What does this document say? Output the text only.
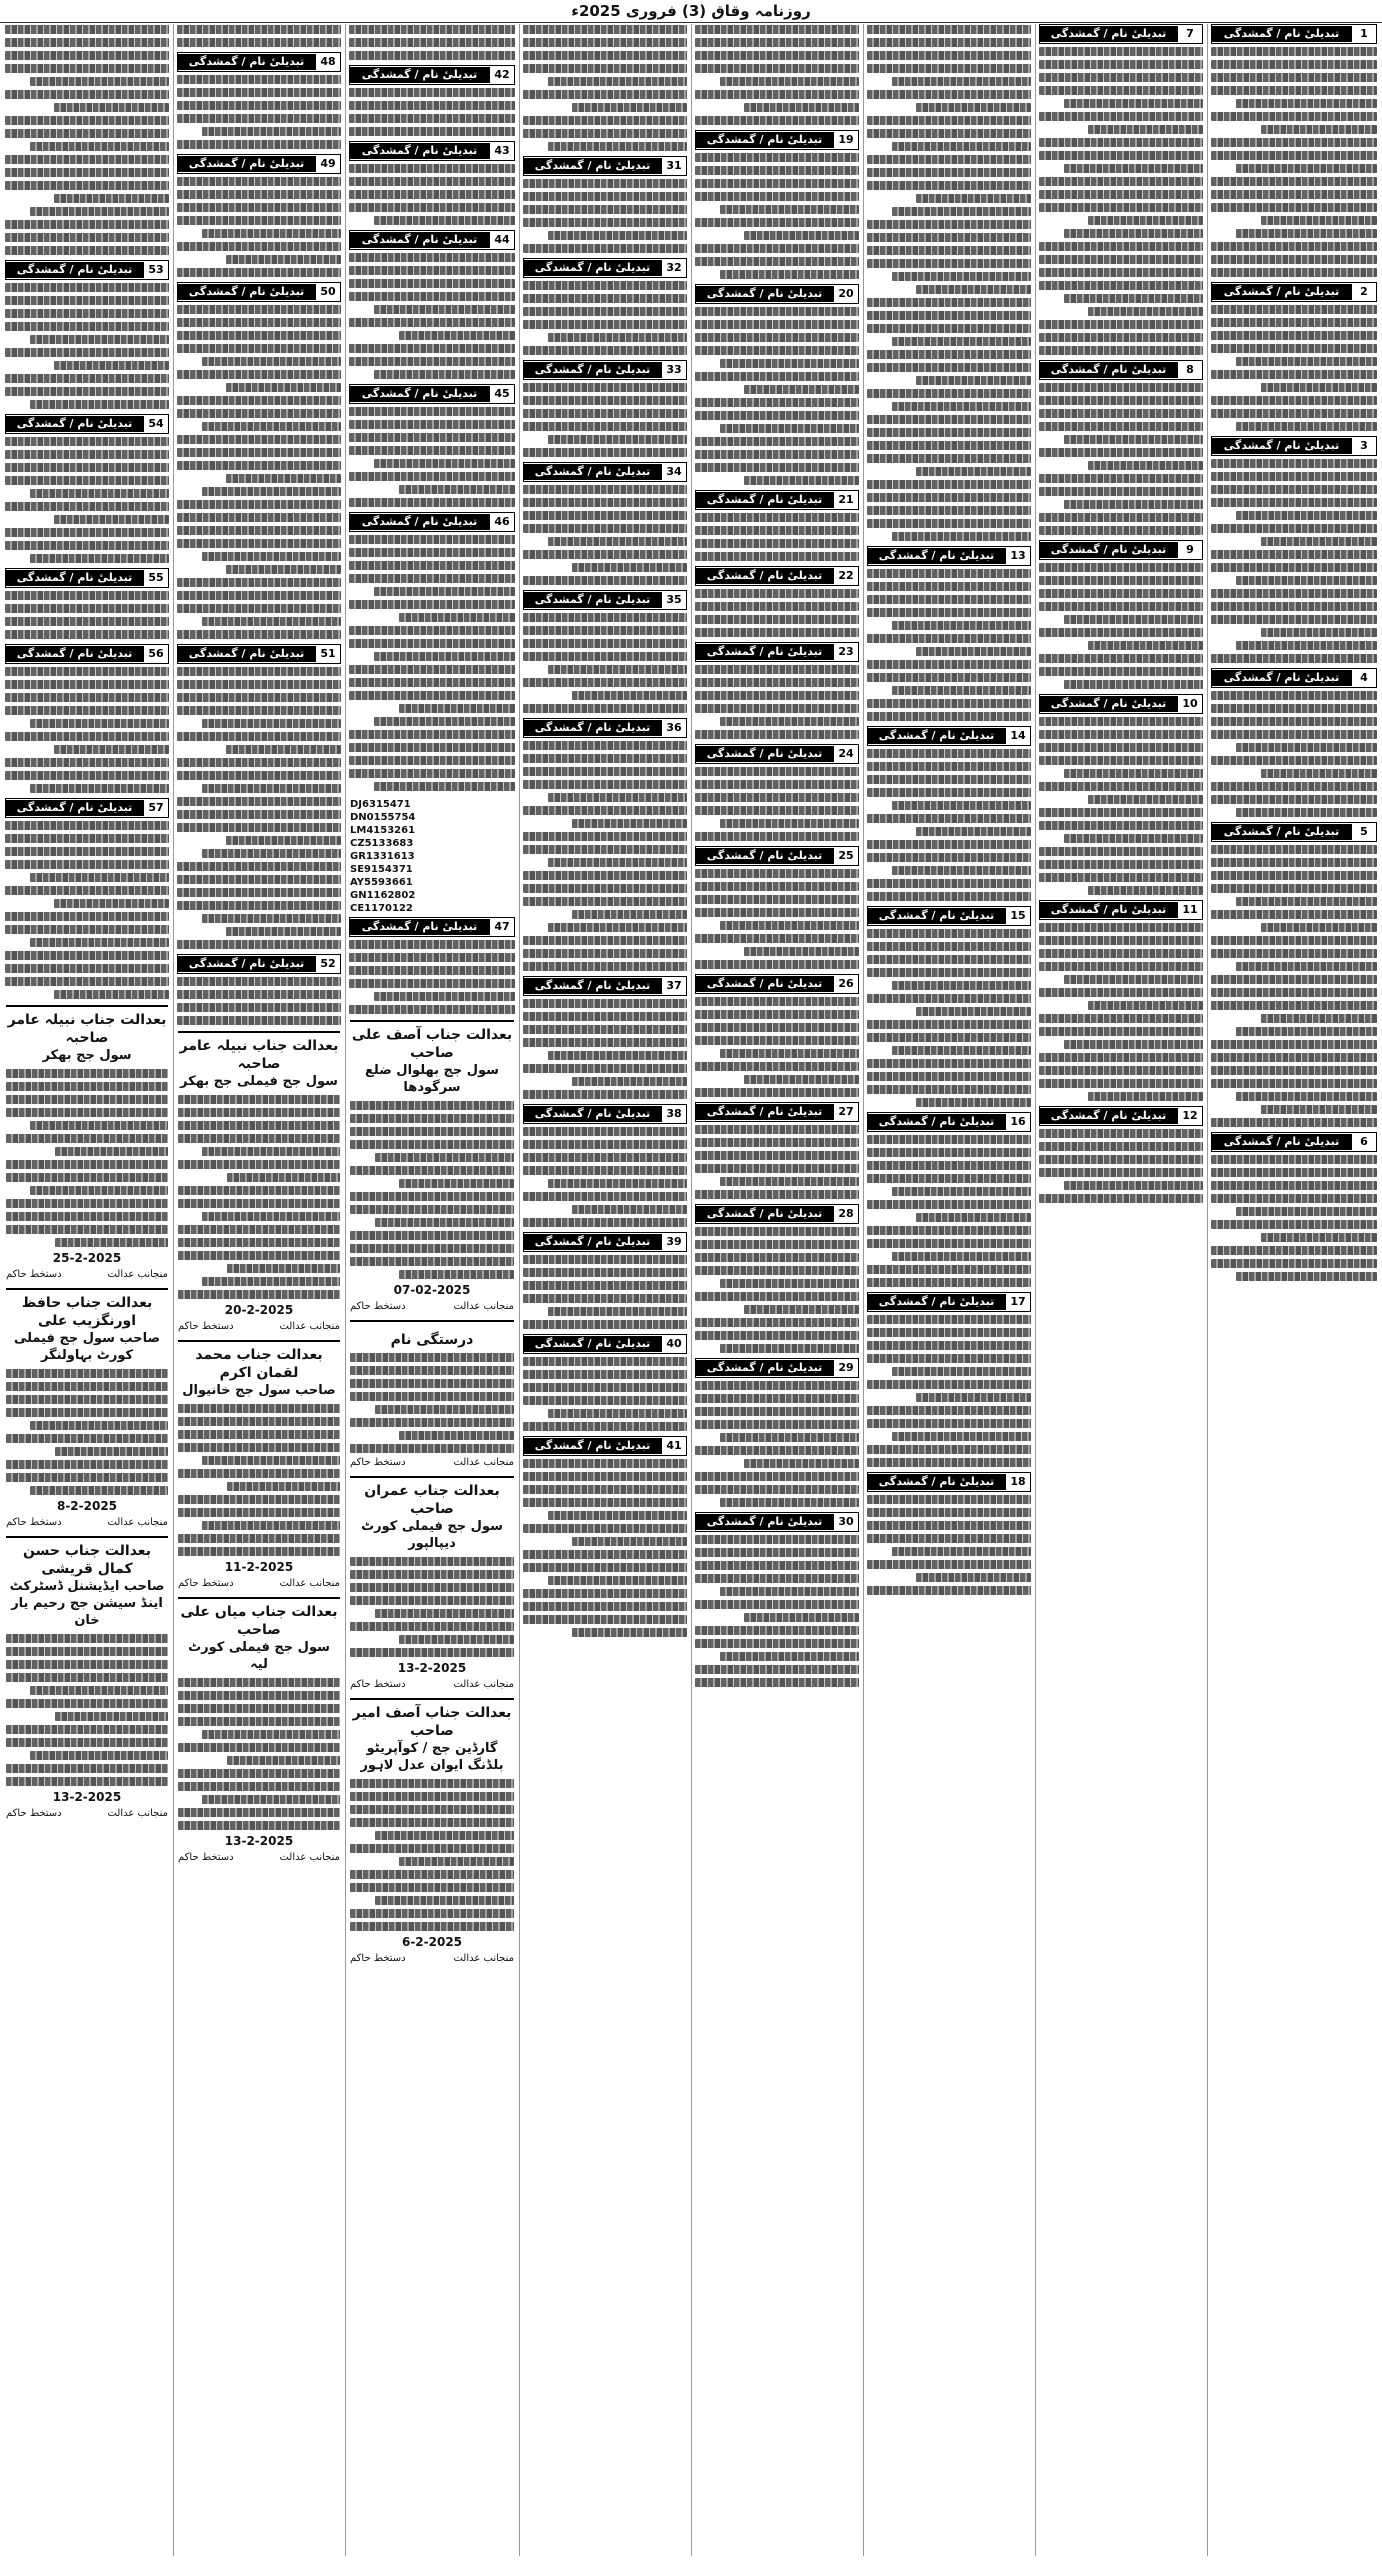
روزنامہ وقاق (3) فروری 2025ء
1
تبدیلیٔ نام / گمشدگی
2
تبدیلیٔ نام / گمشدگی
3
تبدیلیٔ نام / گمشدگی
4
تبدیلیٔ نام / گمشدگی
5
تبدیلیٔ نام / گمشدگی
6
تبدیلیٔ نام / گمشدگی
7
تبدیلیٔ نام / گمشدگی
8
تبدیلیٔ نام / گمشدگی
9
تبدیلیٔ نام / گمشدگی
10
تبدیلیٔ نام / گمشدگی
11
تبدیلیٔ نام / گمشدگی
12
تبدیلیٔ نام / گمشدگی
13
تبدیلیٔ نام / گمشدگی
14
تبدیلیٔ نام / گمشدگی
15
تبدیلیٔ نام / گمشدگی
16
تبدیلیٔ نام / گمشدگی
17
تبدیلیٔ نام / گمشدگی
18
تبدیلیٔ نام / گمشدگی
19
تبدیلیٔ نام / گمشدگی
20
تبدیلیٔ نام / گمشدگی
21
تبدیلیٔ نام / گمشدگی
22
تبدیلیٔ نام / گمشدگی
23
تبدیلیٔ نام / گمشدگی
24
تبدیلیٔ نام / گمشدگی
25
تبدیلیٔ نام / گمشدگی
26
تبدیلیٔ نام / گمشدگی
27
تبدیلیٔ نام / گمشدگی
28
تبدیلیٔ نام / گمشدگی
29
تبدیلیٔ نام / گمشدگی
30
تبدیلیٔ نام / گمشدگی
31
تبدیلیٔ نام / گمشدگی
32
تبدیلیٔ نام / گمشدگی
33
تبدیلیٔ نام / گمشدگی
34
تبدیلیٔ نام / گمشدگی
35
تبدیلیٔ نام / گمشدگی
36
تبدیلیٔ نام / گمشدگی
37
تبدیلیٔ نام / گمشدگی
38
تبدیلیٔ نام / گمشدگی
39
تبدیلیٔ نام / گمشدگی
40
تبدیلیٔ نام / گمشدگی
41
تبدیلیٔ نام / گمشدگی
42
تبدیلیٔ نام / گمشدگی
43
تبدیلیٔ نام / گمشدگی
44
تبدیلیٔ نام / گمشدگی
45
تبدیلیٔ نام / گمشدگی
46
تبدیلیٔ نام / گمشدگی
DJ6315471
DN0155754
LM4153261
CZ5133683
GR1331613
SE9154371
AY5593661
GN1162802
CE1170122
47
تبدیلیٔ نام / گمشدگی
بعدالت جناب آصف علی صاحب
سول جج بھلوال ضلع سرگودھا
07-02-2025
منجانب عدالت
دستخط حاکم
درستگی نام
منجانب عدالت
دستخط حاکم
بعدالت جناب عمران صاحب
سول جج فیملی کورٹ دیپالپور
13-2-2025
منجانب عدالت
دستخط حاکم
بعدالت جناب آصف امیر صاحب
گارڈین جج / کوآپریٹو بلڈنگ ایوان عدل لاہور
6-2-2025
منجانب عدالت
دستخط حاکم
48
تبدیلیٔ نام / گمشدگی
49
تبدیلیٔ نام / گمشدگی
50
تبدیلیٔ نام / گمشدگی
51
تبدیلیٔ نام / گمشدگی
52
تبدیلیٔ نام / گمشدگی
بعدالت جناب نبیلہ عامر صاحبہ
سول جج فیملی جج بھکر
20-2-2025
منجانب عدالت
دستخط حاکم
بعدالت جناب محمد لقمان اکرم
صاحب سول جج خانیوال
11-2-2025
منجانب عدالت
دستخط حاکم
بعدالت جناب میاں علی صاحب
سول جج فیملی کورٹ لیہ
13-2-2025
منجانب عدالت
دستخط حاکم
53
تبدیلیٔ نام / گمشدگی
54
تبدیلیٔ نام / گمشدگی
55
تبدیلیٔ نام / گمشدگی
56
تبدیلیٔ نام / گمشدگی
57
تبدیلیٔ نام / گمشدگی
بعدالت جناب نبیلہ عامر صاحبہ
سول جج بھکر
25-2-2025
منجانب عدالت
دستخط حاکم
بعدالت جناب حافظ اورنگزیب علی
صاحب سول جج فیملی کورٹ بہاولنگر
8-2-2025
منجانب عدالت
دستخط حاکم
بعدالت جناب حسن کمال قریشی
صاحب ایڈیشنل ڈسٹرکٹ اینڈ سیشن جج رحیم یار خان
13-2-2025
منجانب عدالت
دستخط حاکم
